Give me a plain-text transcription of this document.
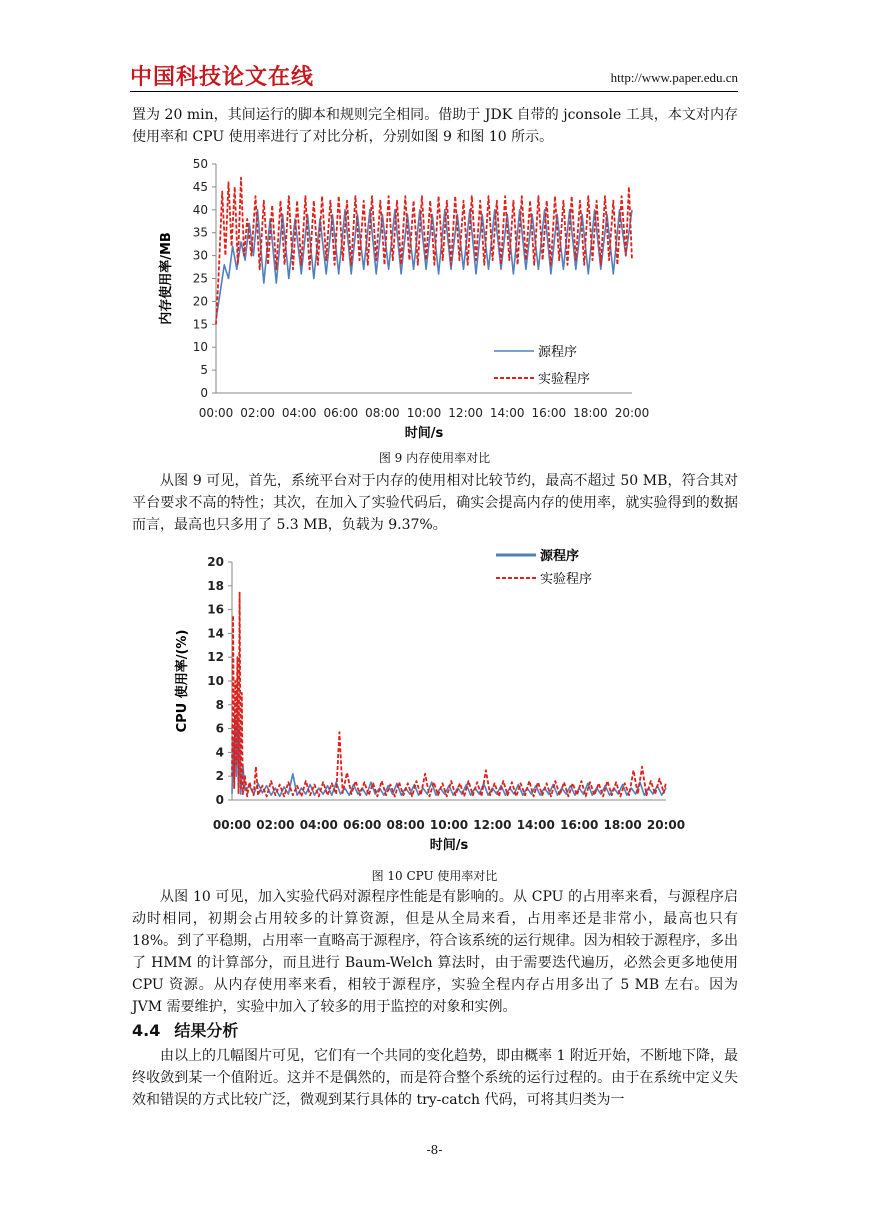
中国科技论文在线	http://www.paper.edu.cn

置为 20 min，其间运行的脚本和规则完全相同。借助于 JDK 自带的 jconsole 工具，本文对内存使用率和 CPU 使用率进行了对比分析，分别如图 9 和图 10 所示。

0
5
10
15
20
25
30
35
40
45
50
00:00 02:00 04:00 06:00 08:00 10:00 12:00 14:00 16:00 18:00 20:00
时间/s
内存使用率/MB
源程序
实验程序
图 9 内存使用率对比

从图 9 可见，首先，系统平台对于内存的使用相对比较节约，最高不超过 50 MB，符合其对平台要求不高的特性；其次，在加入了实验代码后，确实会提高内存的使用率，就实验得到的数据而言，最高也只多用了 5.3 MB，负载为 9.37%。

0
2
4
6
8
10
12
14
16
18
20
00:00 02:00 04:00 06:00 08:00 10:00 12:00 14:00 16:00 18:00 20:00
时间/s
CPU 使用率/(%)
源程序
实验程序
图 10 CPU 使用率对比

从图 10 可见，加入实验代码对源程序性能是有影响的。从 CPU 的占用率来看，与源程序启动时相同，初期会占用较多的计算资源，但是从全局来看，占用率还是非常小，最高也只有 18%。到了平稳期，占用率一直略高于源程序，符合该系统的运行规律。因为相较于源程序，多出了 HMM 的计算部分，而且进行 Baum-Welch 算法时，由于需要迭代遍历，必然会更多地使用 CPU 资源。从内存使用率来看，相较于源程序，实验全程内存占用多出了 5 MB 左右。因为 JVM 需要维护，实验中加入了较多的用于监控的对象和实例。

4.4 结果分析

由以上的几幅图片可见，它们有一个共同的变化趋势，即由概率 1 附近开始，不断地下降，最终收敛到某一个值附近。这并不是偶然的，而是符合整个系统的运行过程的。由于在系统中定义失效和错误的方式比较广泛，微观到某行具体的 try-catch 代码，可将其归类为一

-8-
